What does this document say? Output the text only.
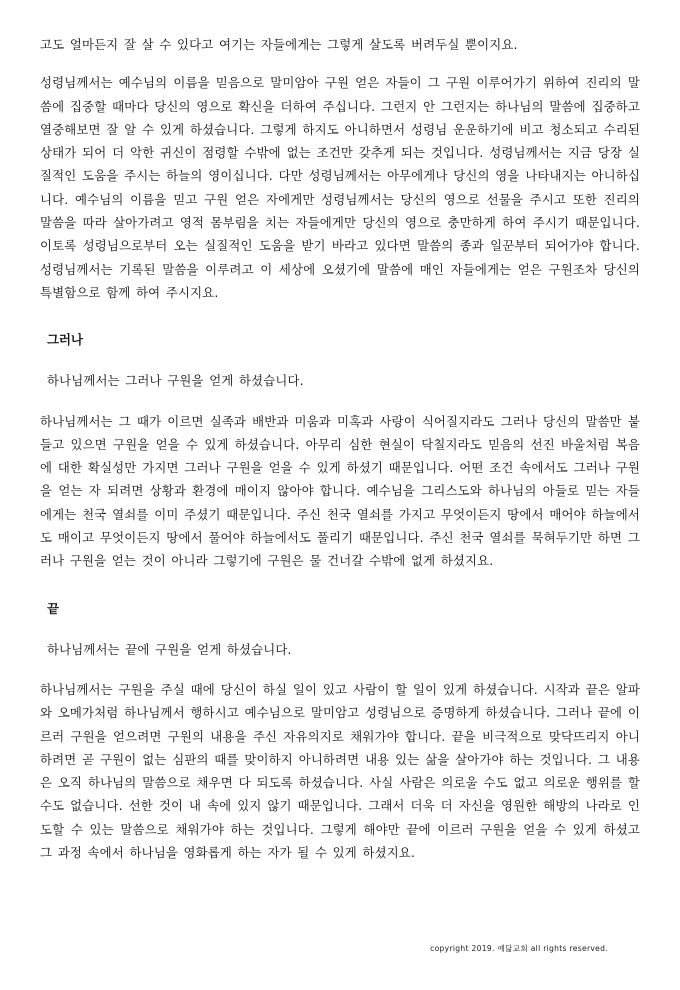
고도 얼마든지 잘 살 수 있다고 여기는 자들에게는 그렇게 살도록 버려두실 뿐이지요.

성령님께서는 예수님의 이름을 믿음으로 말미암아 구원 얻은 자들이 그 구원 이루어가기 위하여 진리의 말씀에 집중할 때마다 당신의 영으로 확신을 더하여 주십니다. 그런지 안 그런지는 하나님의 말씀에 집중하고 열중해보면 잘 알 수 있게 하셨습니다. 그렇게 하지도 아니하면서 성령님 운운하기에 비고 청소되고 수리된 상태가 되어 더 악한 귀신이 점령할 수밖에 없는 조건만 갖추게 되는 것입니다. 성령님께서는 지금 당장 실질적인 도움을 주시는 하늘의 영이십니다. 다만 성령님께서는 아무에게나 당신의 영을 나타내지는 아니하십니다. 예수님의 이름을 믿고 구원 얻은 자에게만 성령님께서는 당신의 영으로 선물을 주시고 또한 진리의 말씀을 따라 살아가려고 영적 몸부림을 치는 자들에게만 당신의 영으로 충만하게 하여 주시기 때문입니다. 이토록 성령님으로부터 오는 실질적인 도움을 받기 바라고 있다면 말씀의 종과 일꾼부터 되어가야 합니다. 성령님께서는 기록된 말씀을 이루려고 이 세상에 오셨기에 말씀에 매인 자들에게는 얻은 구원조차 당신의 특별함으로 함께 하여 주시지요.

그러나

하나님께서는 그러나 구원을 얻게 하셨습니다.

하나님께서는 그 때가 이르면 실족과 배반과 미움과 미혹과 사랑이 식어질지라도 그러나 당신의 말씀만 붙들고 있으면 구원을 얻을 수 있게 하셨습니다. 아무리 심한 현실이 닥칠지라도 믿음의 선진 바울처럼 복음에 대한 확실성만 가지면 그러나 구원을 얻을 수 있게 하셨기 때문입니다. 어떤 조건 속에서도 그러나 구원을 얻는 자 되려면 상황과 환경에 매이지 않아야 합니다. 예수님을 그리스도와 하나님의 아들로 믿는 자들에게는 천국 열쇠를 이미 주셨기 때문입니다. 주신 천국 열쇠를 가지고 무엇이든지 땅에서 매어야 하늘에서도 매이고 무엇이든지 땅에서 풀어야 하늘에서도 풀리기 때문입니다. 주신 천국 열쇠를 묵혀두기만 하면 그러나 구원을 얻는 것이 아니라 그렇기에 구원은 물 건너갈 수밖에 없게 하셨지요.

끝

하나님께서는 끝에 구원을 얻게 하셨습니다.

하나님께서는 구원을 주실 때에 당신이 하실 일이 있고 사람이 할 일이 있게 하셨습니다. 시작과 끝은 알파와 오메가처럼 하나님께서 행하시고 예수님으로 말미암고 성령님으로 증명하게 하셨습니다. 그러나 끝에 이르러 구원을 얻으려면 구원의 내용을 주신 자유의지로 채워가야 합니다. 끝을 비극적으로 맞닥뜨리지 아니하려면 곧 구원이 없는 심판의 때를 맞이하지 아니하려면 내용 있는 삶을 살아가야 하는 것입니다. 그 내용은 오직 하나님의 말씀으로 채우면 다 되도록 하셨습니다. 사실 사람은 의로울 수도 없고 의로운 행위를 할 수도 없습니다. 선한 것이 내 속에 있지 않기 때문입니다. 그래서 더욱 더 자신을 영원한 해방의 나라로 인도할 수 있는 말씀으로 채워가야 하는 것입니다. 그렇게 해야만 끝에 이르러 구원을 얻을 수 있게 하셨고 그 과정 속에서 하나님을 영화롭게 하는 자가 될 수 있게 하셨지요.

copyright 2019. 예닮교회 all rights reserved.
